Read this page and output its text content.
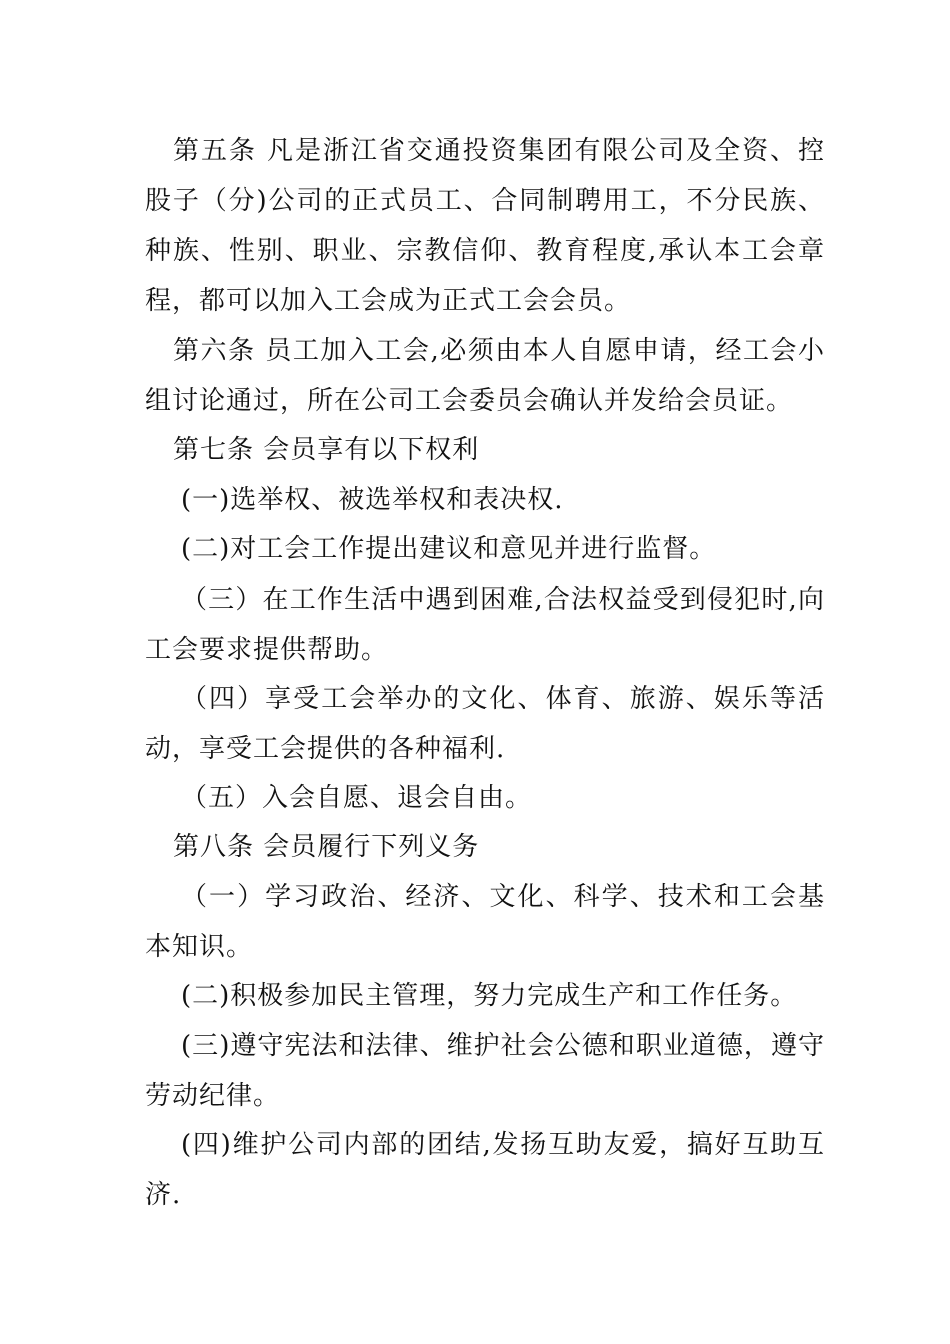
第五条 凡是浙江省交通投资集团有限公司及全资、控股子（分)公司的正式员工、合同制聘用工，不分民族、种族、性别、职业、宗教信仰、教育程度,承认本工会章程，都可以加入工会成为正式工会会员。

第六条 员工加入工会,必须由本人自愿申请，经工会小组讨论通过，所在公司工会委员会确认并发给会员证。

第七条 会员享有以下权利

(一)选举权、被选举权和表决权.

(二)对工会工作提出建议和意见并进行监督。

（三）在工作生活中遇到困难,合法权益受到侵犯时,向工会要求提供帮助。

（四）享受工会举办的文化、体育、旅游、娱乐等活动，享受工会提供的各种福利.

（五）入会自愿、退会自由。

第八条 会员履行下列义务

（一）学习政治、经济、文化、科学、技术和工会基本知识。

(二)积极参加民主管理，努力完成生产和工作任务。

(三)遵守宪法和法律、维护社会公德和职业道德，遵守劳动纪律。

(四)维护公司内部的团结,发扬互助友爱，搞好互助互济.
